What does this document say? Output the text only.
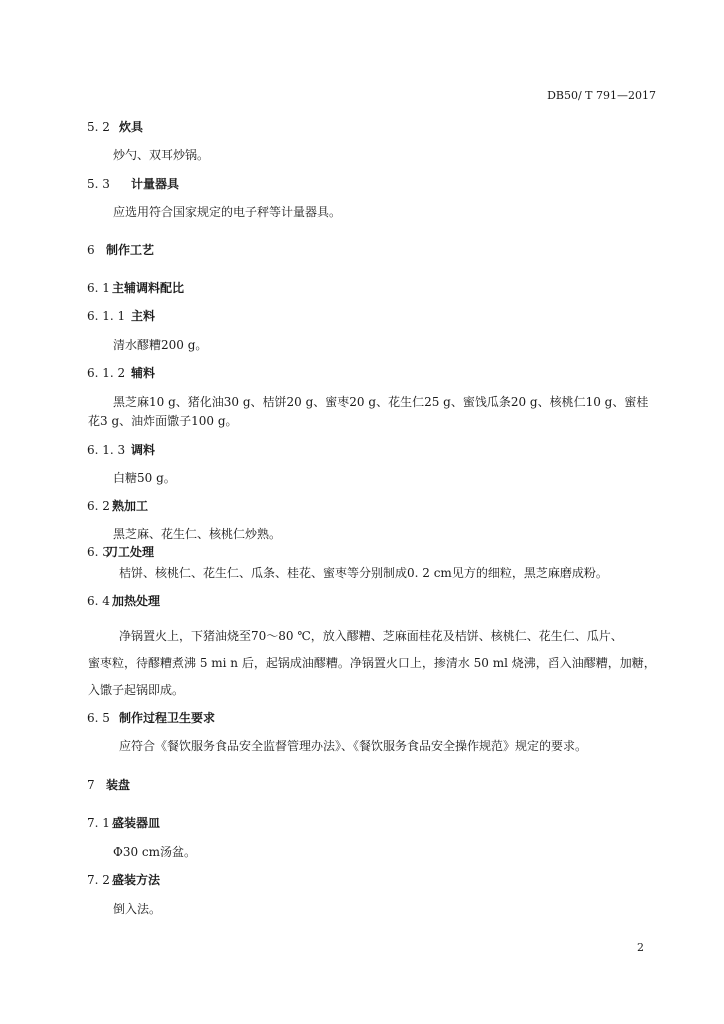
DB50/ T 791—2017
5. 2 炊具
炒勺、双耳炒锅。
5. 3 计量器具
应选用符合国家规定的电子秤等计量器具。
6 制作工艺
6. 1 主辅调料配比
6. 1. 1 主料
清水醪糟200 g。
6. 1. 2 辅料
黑芝麻10 g、猪化油30 g、桔饼20 g、蜜枣20 g、花生仁25 g、蜜饯瓜条20 g、核桃仁10 g、蜜桂
花3 g、油炸面馓子100 g。
6. 1. 3 调料
白糖50 g。
6. 2 熟加工
黑芝麻、花生仁、核桃仁炒熟。
6. 3
刀工处理
桔饼、核桃仁、花生仁、瓜条、桂花、蜜枣等分别制成0. 2 cm见方的细粒，黑芝麻磨成粉。
6. 4 加热处理
净锅置火上，下猪油烧至70～80 ℃，放入醪糟、芝麻面桂花及桔饼、核桃仁、花生仁、瓜片、
蜜枣粒，待醪糟煮沸 5 mi n 后，起锅成油醪糟。净锅置火口上，掺清水 50 ml 烧沸，舀入油醪糟，加糖，
入馓子起锅即成。
6. 5 制作过程卫生要求
应符合《餐饮服务食品安全监督管理办法》、《餐饮服务食品安全操作规范》规定的要求。
7 装盘
7. 1 盛装器皿
Φ30 cm汤盆。
7. 2 盛装方法
倒入法。
2
